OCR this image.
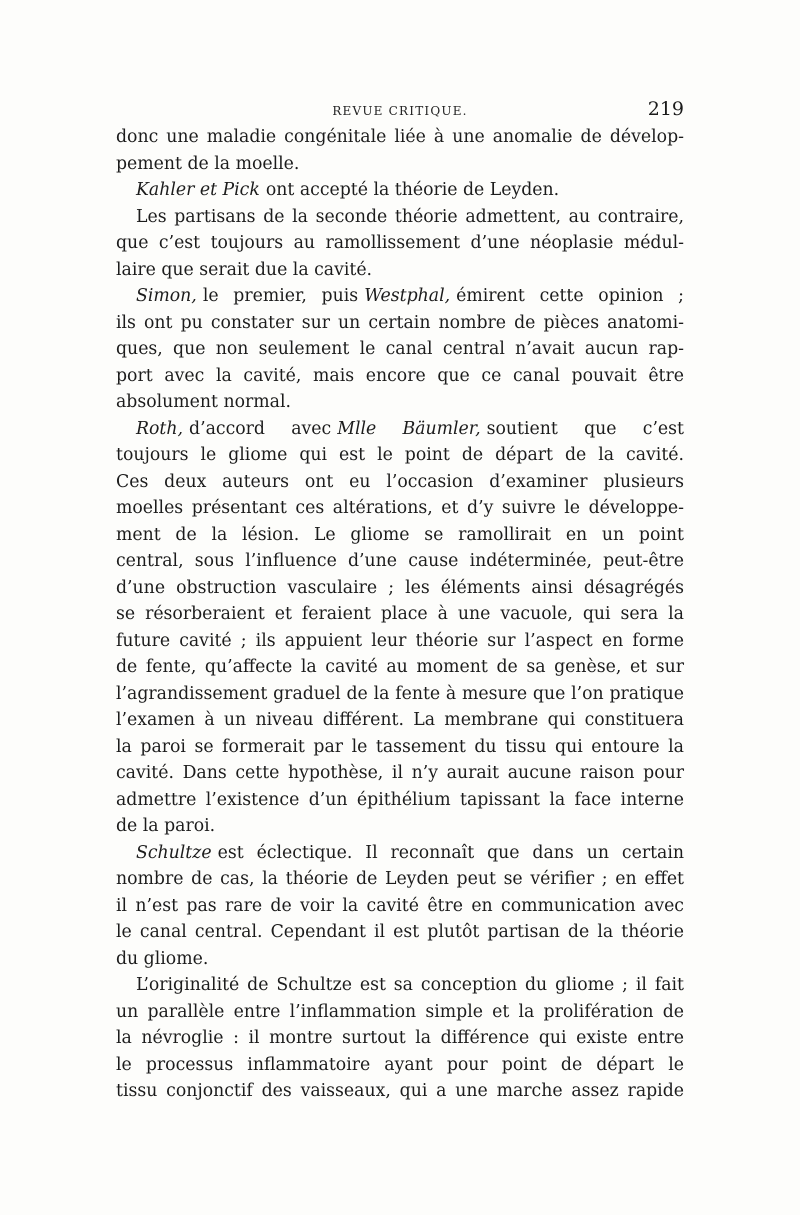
REVUE CRITIQUE.	219
donc une maladie congénitale liée à une anomalie de dévelop-
pement de la moelle.
Kahler et Pick ont accepté la théorie de Leyden.
Les partisans de la seconde théorie admettent, au contraire,
que c’est toujours au ramollissement d’une néoplasie médul-
laire que serait due la cavité.
Simon, le premier, puis Westphal, émirent cette opinion ;
ils ont pu constater sur un certain nombre de pièces anatomi-
ques, que non seulement le canal central n’avait aucun rap-
port avec la cavité, mais encore que ce canal pouvait être
absolument normal.
Roth, d’accord avec Mlle Bäumler, soutient que c’est
toujours le gliome qui est le point de départ de la cavité.
Ces deux auteurs ont eu l’occasion d’examiner plusieurs
moelles présentant ces altérations, et d’y suivre le développe-
ment de la lésion. Le gliome se ramollirait en un point
central, sous l’influence d’une cause indéterminée, peut-être
d’une obstruction vasculaire ; les éléments ainsi désagrégés
se résorberaient et feraient place à une vacuole, qui sera la
future cavité ; ils appuient leur théorie sur l’aspect en forme
de fente, qu’affecte la cavité au moment de sa genèse, et sur
l’agrandissement graduel de la fente à mesure que l’on pratique
l’examen à un niveau différent. La membrane qui constituera
la paroi se formerait par le tassement du tissu qui entoure la
cavité. Dans cette hypothèse, il n’y aurait aucune raison pour
admettre l’existence d’un épithélium tapissant la face interne
de la paroi.
Schultze est éclectique. Il reconnaît que dans un certain
nombre de cas, la théorie de Leyden peut se vérifier ; en effet
il n’est pas rare de voir la cavité être en communication avec
le canal central. Cependant il est plutôt partisan de la théorie
du gliome.
L’originalité de Schultze est sa conception du gliome ; il fait
un parallèle entre l’inflammation simple et la prolifération de
la névroglie : il montre surtout la différence qui existe entre
le processus inflammatoire ayant pour point de départ le
tissu conjonctif des vaisseaux, qui a une marche assez rapide
